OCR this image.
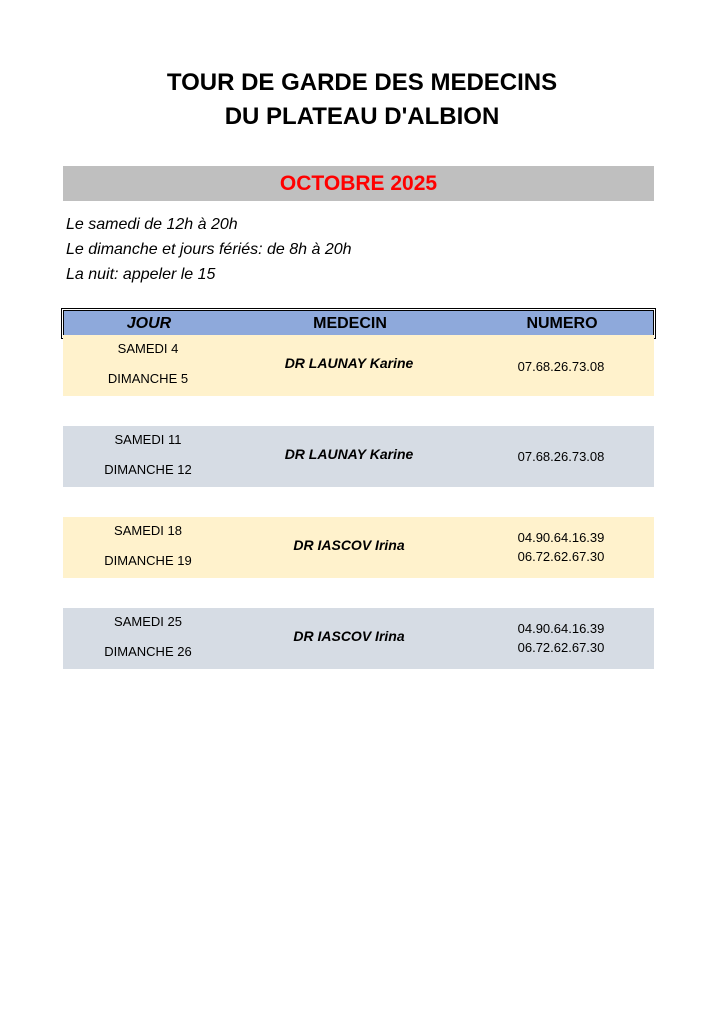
TOUR DE GARDE DES MEDECINS
DU PLATEAU D'ALBION
OCTOBRE 2025
Le samedi de 12h à 20h
Le dimanche et jours fériés: de 8h à 20h
La nuit: appeler le 15
JOUR	MEDECIN	NUMERO
SAMEDI 4
DIMANCHE 5
DR LAUNAY Karine	07.68.26.73.08
SAMEDI 11
DIMANCHE 12
DR LAUNAY Karine	07.68.26.73.08
SAMEDI 18
DIMANCHE 19
DR IASCOV Irina	04.90.64.16.39
06.72.62.67.30
SAMEDI 25
DIMANCHE 26
DR IASCOV Irina	04.90.64.16.39
06.72.62.67.30
